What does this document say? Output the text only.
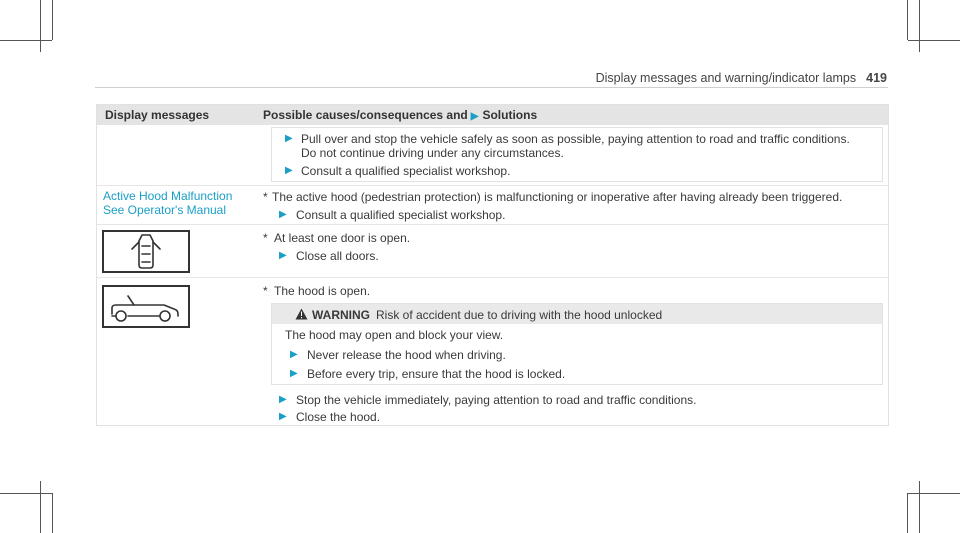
Display messages and warning/indicator lamps 419
Display messages	Possible causes/consequences and ▶ Solutions
▶ Pull over and stop the vehicle safely as soon as possible, paying attention to road and traffic conditions.
Do not continue driving under any circumstances.
▶ Consult a qualified specialist workshop.
Active Hood Malfunction
See Operator's Manual
* The active hood (pedestrian protection) is malfunctioning or inoperative after having already been triggered.
▶ Consult a qualified specialist workshop.
* At least one door is open.
▶ Close all doors.
* The hood is open.
WARNING Risk of accident due to driving with the hood unlocked
The hood may open and block your view.
▶ Never release the hood when driving.
▶ Before every trip, ensure that the hood is locked.
▶ Stop the vehicle immediately, paying attention to road and traffic conditions.
▶ Close the hood.
